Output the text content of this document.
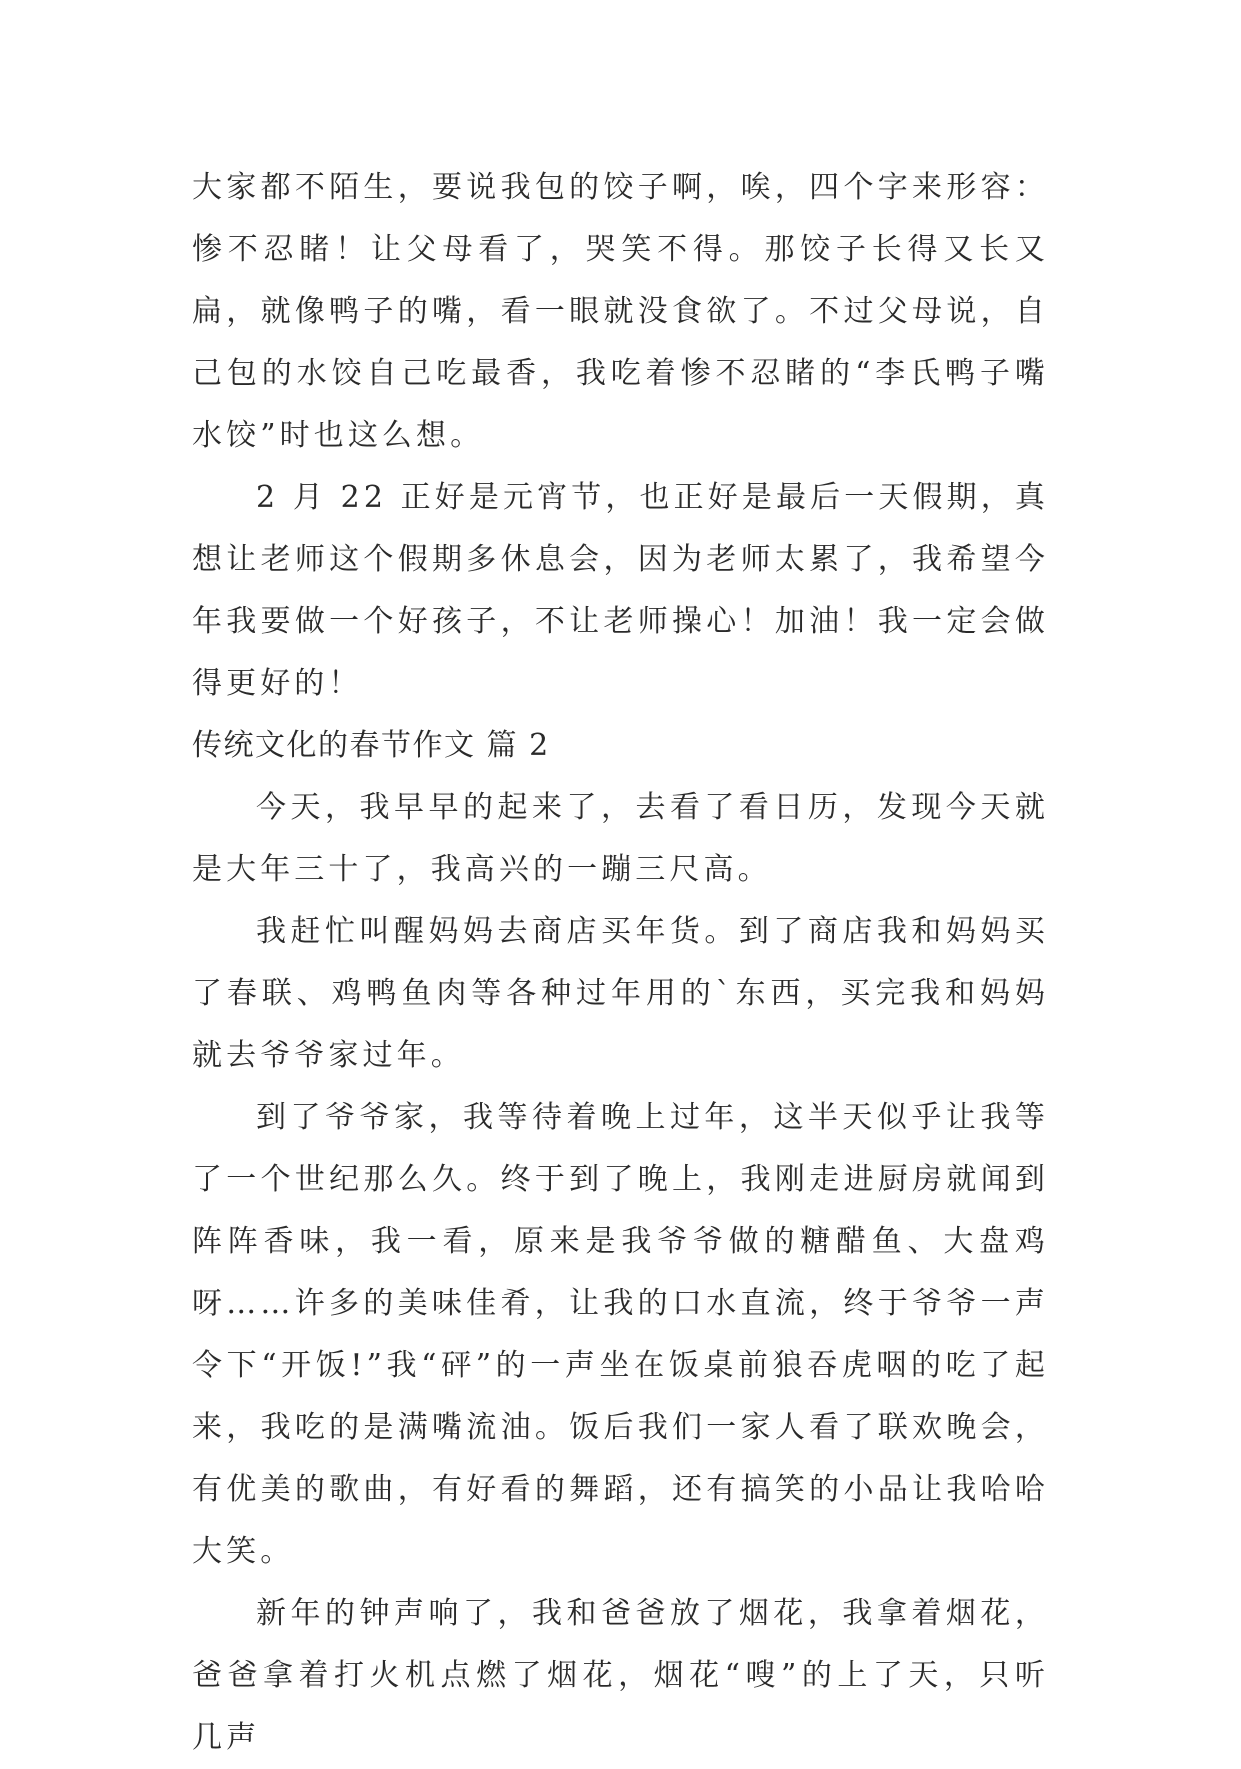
大家都不陌生，要说我包的饺子啊，唉，四个字来形容：惨不忍睹！让父母看了，哭笑不得。那饺子长得又长又扁，就像鸭子的嘴，看一眼就没食欲了。不过父母说，自己包的水饺自己吃最香，我吃着惨不忍睹的“李氏鸭子嘴水饺”时也这么想。

2 月 22 正好是元宵节，也正好是最后一天假期，真想让老师这个假期多休息会，因为老师太累了，我希望今年我要做一个好孩子，不让老师操心！加油！我一定会做得更好的！

传统文化的春节作文 篇 2

今天，我早早的起来了，去看了看日历，发现今天就是大年三十了，我高兴的一蹦三尺高。

我赶忙叫醒妈妈去商店买年货。到了商店我和妈妈买了春联、鸡鸭鱼肉等各种过年用的`东西，买完我和妈妈就去爷爷家过年。

到了爷爷家，我等待着晚上过年，这半天似乎让我等了一个世纪那么久。终于到了晚上，我刚走进厨房就闻到阵阵香味，我一看，原来是我爷爷做的糖醋鱼、大盘鸡呀……许多的美味佳肴，让我的口水直流，终于爷爷一声令下“开饭!”我“砰”的一声坐在饭桌前狼吞虎咽的吃了起来，我吃的是满嘴流油。饭后我们一家人看了联欢晚会，有优美的歌曲，有好看的舞蹈，还有搞笑的小品让我哈哈大笑。

新年的钟声响了，我和爸爸放了烟花，我拿着烟花，爸爸拿着打火机点燃了烟花，烟花“嗖”的上了天，只听几声
